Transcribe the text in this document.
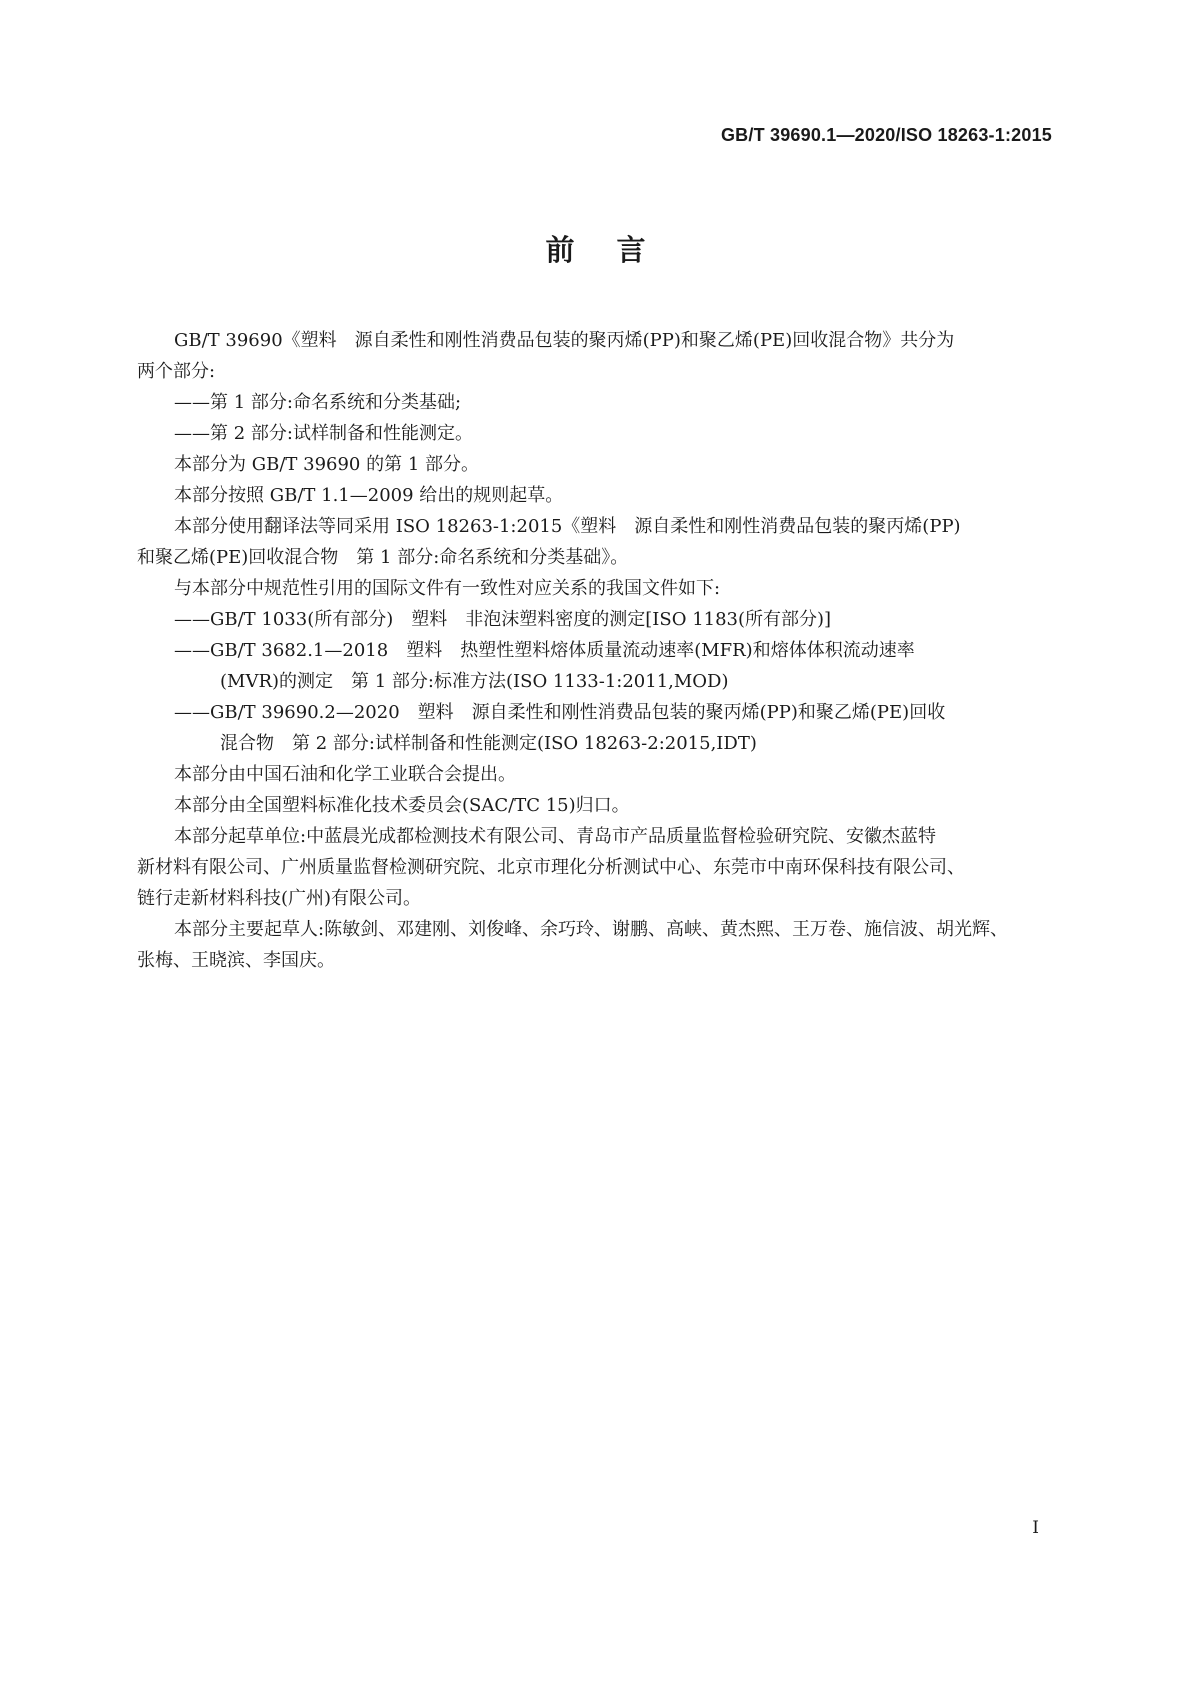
GB/T 39690.1—2020/ISO 18263-1:2015
前言
GB/T 39690《塑料　源自柔性和刚性消费品包装的聚丙烯(PP)和聚乙烯(PE)回收混合物》共分为
两个部分:
——第 1 部分:命名系统和分类基础;
——第 2 部分:试样制备和性能测定。
本部分为 GB/T 39690 的第 1 部分。
本部分按照 GB/T 1.1—2009 给出的规则起草。
本部分使用翻译法等同采用 ISO 18263-1:2015《塑料　源自柔性和刚性消费品包装的聚丙烯(PP)
和聚乙烯(PE)回收混合物　第 1 部分:命名系统和分类基础》。
与本部分中规范性引用的国际文件有一致性对应关系的我国文件如下:
——GB/T 1033(所有部分)　塑料　非泡沫塑料密度的测定[ISO 1183(所有部分)]
——GB/T 3682.1—2018　塑料　热塑性塑料熔体质量流动速率(MFR)和熔体体积流动速率
(MVR)的测定　第 1 部分:标准方法(ISO 1133-1:2011,MOD)
——GB/T 39690.2—2020　塑料　源自柔性和刚性消费品包装的聚丙烯(PP)和聚乙烯(PE)回收
混合物　第 2 部分:试样制备和性能测定(ISO 18263-2:2015,IDT)
本部分由中国石油和化学工业联合会提出。
本部分由全国塑料标准化技术委员会(SAC/TC 15)归口。
本部分起草单位:中蓝晨光成都检测技术有限公司、青岛市产品质量监督检验研究院、安徽杰蓝特
新材料有限公司、广州质量监督检测研究院、北京市理化分析测试中心、东莞市中南环保科技有限公司、
链行走新材料科技(广州)有限公司。
本部分主要起草人:陈敏剑、邓建刚、刘俊峰、余巧玲、谢鹏、高峡、黄杰熙、王万卷、施信波、胡光辉、
张梅、王晓滨、李国庆。
I
